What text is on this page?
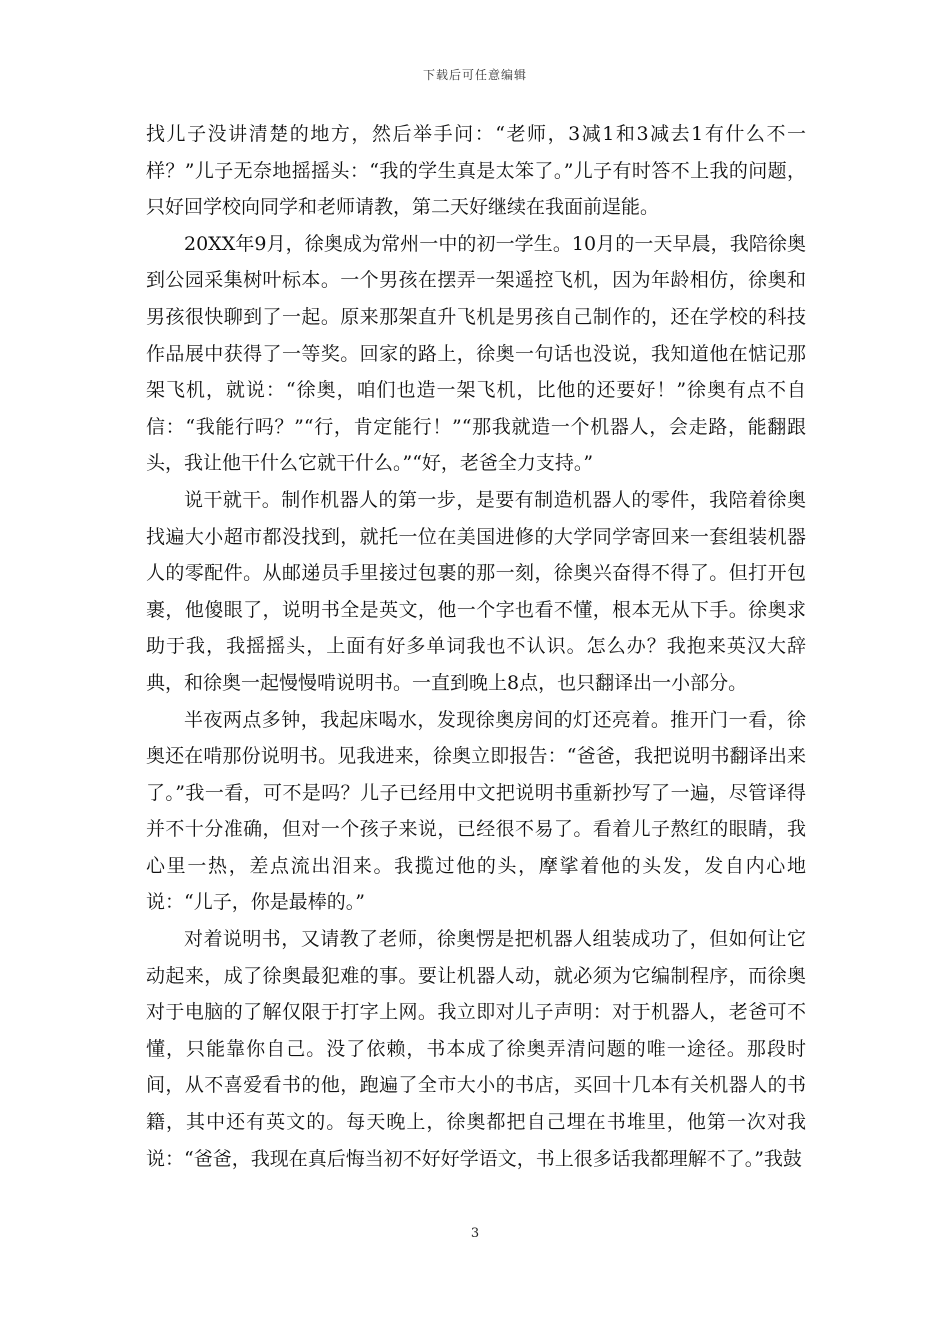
下载后可任意编辑

找儿子没讲清楚的地方，然后举手问：“老师，3减1和3减去1有什么不一样？”儿子无奈地摇摇头：“我的学生真是太笨了。”儿子有时答不上我的问题，只好回学校向同学和老师请教，第二天好继续在我面前逞能。

20XX年9月，徐奥成为常州一中的初一学生。10月的一天早晨，我陪徐奥到公园采集树叶标本。一个男孩在摆弄一架遥控飞机，因为年龄相仿，徐奥和男孩很快聊到了一起。原来那架直升飞机是男孩自己制作的，还在学校的科技作品展中获得了一等奖。回家的路上，徐奥一句话也没说，我知道他在惦记那架飞机，就说：“徐奥，咱们也造一架飞机，比他的还要好！”徐奥有点不自信：“我能行吗？”“行，肯定能行！”“那我就造一个机器人，会走路，能翻跟头，我让他干什么它就干什么。”“好，老爸全力支持。”

说干就干。制作机器人的第一步，是要有制造机器人的零件，我陪着徐奥找遍大小超市都没找到，就托一位在美国进修的大学同学寄回来一套组装机器人的零配件。从邮递员手里接过包裹的那一刻，徐奥兴奋得不得了。但打开包裹，他傻眼了，说明书全是英文，他一个字也看不懂，根本无从下手。徐奥求助于我，我摇摇头，上面有好多单词我也不认识。怎么办？我抱来英汉大辞典，和徐奥一起慢慢啃说明书。一直到晚上8点，也只翻译出一小部分。

半夜两点多钟，我起床喝水，发现徐奥房间的灯还亮着。推开门一看，徐奥还在啃那份说明书。见我进来，徐奥立即报告：“爸爸，我把说明书翻译出来了。”我一看，可不是吗？儿子已经用中文把说明书重新抄写了一遍，尽管译得并不十分准确，但对一个孩子来说，已经很不易了。看着儿子熬红的眼睛，我心里一热，差点流出泪来。我揽过他的头，摩挲着他的头发，发自内心地说：“儿子，你是最棒的。”

对着说明书，又请教了老师，徐奥愣是把机器人组装成功了，但如何让它动起来，成了徐奥最犯难的事。要让机器人动，就必须为它编制程序，而徐奥对于电脑的了解仅限于打字上网。我立即对儿子声明：对于机器人，老爸可不懂，只能靠你自己。没了依赖，书本成了徐奥弄清问题的唯一途径。那段时间，从不喜爱看书的他，跑遍了全市大小的书店，买回十几本有关机器人的书籍，其中还有英文的。每天晚上，徐奥都把自己埋在书堆里，他第一次对我说：“爸爸，我现在真后悔当初不好好学语文，书上很多话我都理解不了。”我鼓

3
